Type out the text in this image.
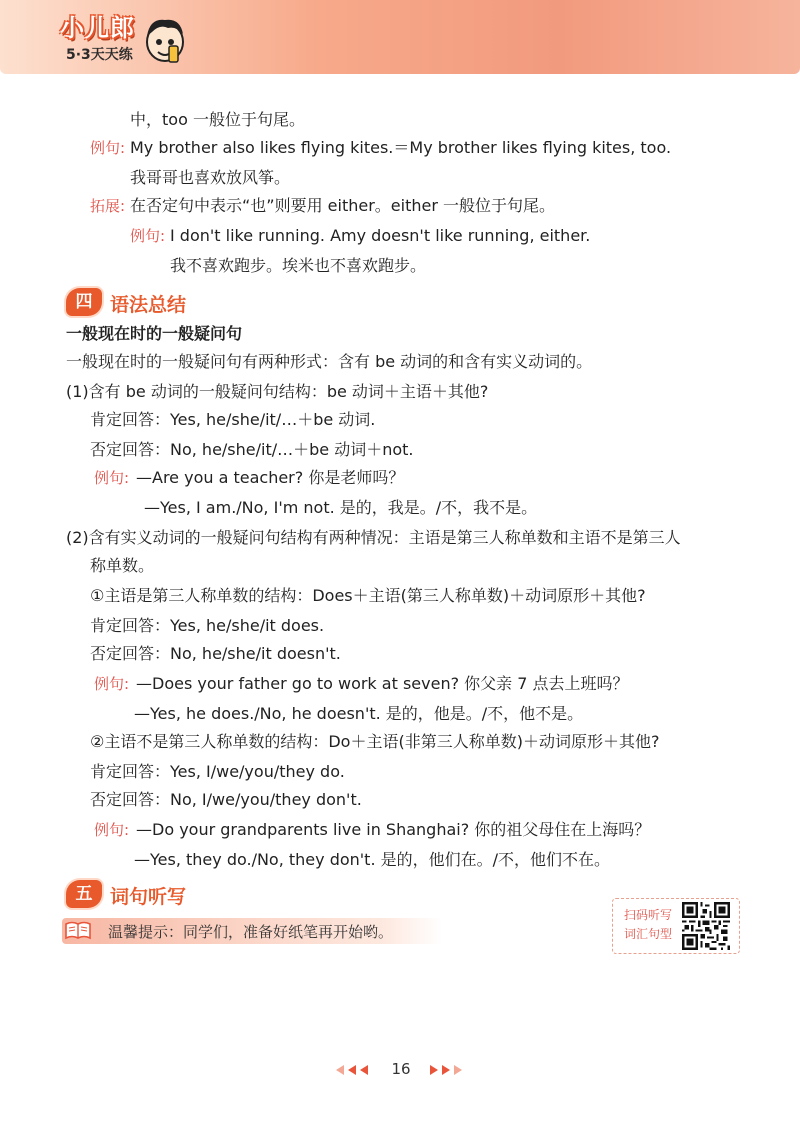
小儿郎
5·3天天练
中，too 一般位于句尾。
例句: My brother also likes flying kites.＝My brother likes flying kites, too.
我哥哥也喜欢放风筝。
拓展: 在否定句中表示“也”则要用 either。either 一般位于句尾。
例句: I don't like running. Amy doesn't like running, either.
我不喜欢跑步。埃米也不喜欢跑步。
四 语法总结
一般现在时的一般疑问句
一般现在时的一般疑问句有两种形式：含有 be 动词的和含有实义动词的。
(1)含有 be 动词的一般疑问句结构：be 动词＋主语＋其他?
肯定回答：Yes, he/she/it/…＋be 动词.
否定回答：No, he/she/it/…＋be 动词＋not.
例句: —Are you a teacher? 你是老师吗？
—Yes, I am./No, I'm not. 是的，我是。/不，我不是。
(2)含有实义动词的一般疑问句结构有两种情况：主语是第三人称单数和主语不是第三人
称单数。
①主语是第三人称单数的结构：Does＋主语(第三人称单数)＋动词原形＋其他?
肯定回答：Yes, he/she/it does.
否定回答：No, he/she/it doesn't.
例句: —Does your father go to work at seven? 你父亲 7 点去上班吗？
—Yes, he does./No, he doesn't. 是的，他是。/不，他不是。
②主语不是第三人称单数的结构：Do＋主语(非第三人称单数)＋动词原形＋其他?
肯定回答：Yes, I/we/you/they do.
否定回答：No, I/we/you/they don't.
例句: —Do your grandparents live in Shanghai? 你的祖父母住在上海吗？
—Yes, they do./No, they don't. 是的，他们在。/不，他们不在。
五 词句听写
温馨提示：同学们，准备好纸笔再开始哟。
扫码听写
词汇句型
16
